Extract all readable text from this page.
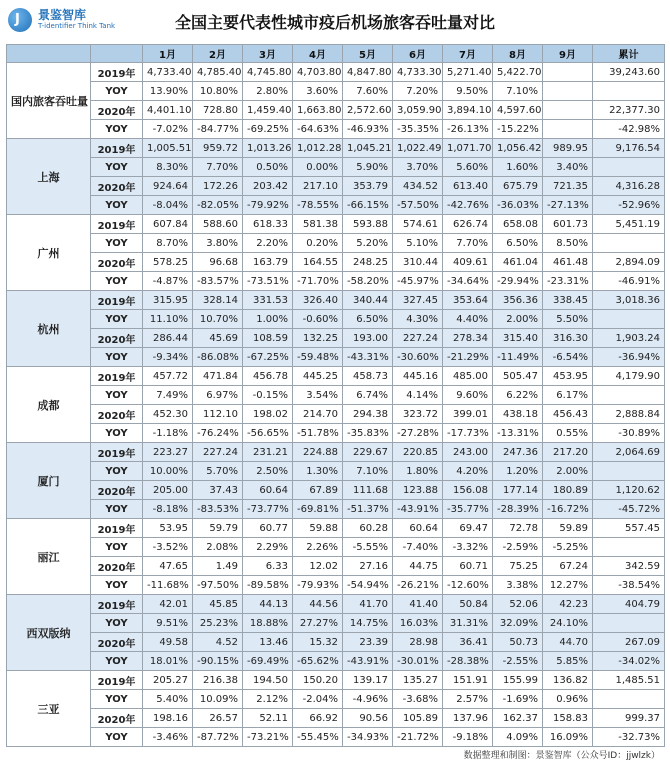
J 景鉴智库
T-identifier Think Tank	全国主要代表性城市疫后机场旅客吞吐量对比
		1月	2月	3月	4月	5月	6月	7月	8月	9月	累计
国内旅客吞吐量	2019年	4,733.40	4,785.40	4,745.80	4,703.80	4,847.80	4,733.30	5,271.40	5,422.70		39,243.60
	YOY	13.90%	10.80%	2.80%	3.60%	7.60%	7.20%	9.50%	7.10%		
	2020年	4,401.10	728.80	1,459.40	1,663.80	2,572.60	3,059.90	3,894.10	4,597.60		22,377.30
	YOY	-7.02%	-84.77%	-69.25%	-64.63%	-46.93%	-35.35%	-26.13%	-15.22%		-42.98%
上海	2019年	1,005.51	959.72	1,013.26	1,012.28	1,045.21	1,022.49	1,071.70	1,056.42	989.95	9,176.54
	YOY	8.30%	7.70%	0.50%	0.00%	5.90%	3.70%	5.60%	1.60%	3.40%	
	2020年	924.64	172.26	203.42	217.10	353.79	434.52	613.40	675.79	721.35	4,316.28
	YOY	-8.04%	-82.05%	-79.92%	-78.55%	-66.15%	-57.50%	-42.76%	-36.03%	-27.13%	-52.96%
广州	2019年	607.84	588.60	618.33	581.38	593.88	574.61	626.74	658.08	601.73	5,451.19
	YOY	8.70%	3.80%	2.20%	0.20%	5.20%	5.10%	7.70%	6.50%	8.50%	
	2020年	578.25	96.68	163.79	164.55	248.25	310.44	409.61	461.04	461.48	2,894.09
	YOY	-4.87%	-83.57%	-73.51%	-71.70%	-58.20%	-45.97%	-34.64%	-29.94%	-23.31%	-46.91%
杭州	2019年	315.95	328.14	331.53	326.40	340.44	327.45	353.64	356.36	338.45	3,018.36
	YOY	11.10%	10.70%	1.00%	-0.60%	6.50%	4.30%	4.40%	2.00%	5.50%	
	2020年	286.44	45.69	108.59	132.25	193.00	227.24	278.34	315.40	316.30	1,903.24
	YOY	-9.34%	-86.08%	-67.25%	-59.48%	-43.31%	-30.60%	-21.29%	-11.49%	-6.54%	-36.94%
成都	2019年	457.72	471.84	456.78	445.25	458.73	445.16	485.00	505.47	453.95	4,179.90
	YOY	7.49%	6.97%	-0.15%	3.54%	6.74%	4.14%	9.60%	6.22%	6.17%	
	2020年	452.30	112.10	198.02	214.70	294.38	323.72	399.01	438.18	456.43	2,888.84
	YOY	-1.18%	-76.24%	-56.65%	-51.78%	-35.83%	-27.28%	-17.73%	-13.31%	0.55%	-30.89%
厦门	2019年	223.27	227.24	231.21	224.88	229.67	220.85	243.00	247.36	217.20	2,064.69
	YOY	10.00%	5.70%	2.50%	1.30%	7.10%	1.80%	4.20%	1.20%	2.00%	
	2020年	205.00	37.43	60.64	67.89	111.68	123.88	156.08	177.14	180.89	1,120.62
	YOY	-8.18%	-83.53%	-73.77%	-69.81%	-51.37%	-43.91%	-35.77%	-28.39%	-16.72%	-45.72%
丽江	2019年	53.95	59.79	60.77	59.88	60.28	60.64	69.47	72.78	59.89	557.45
	YOY	-3.52%	2.08%	2.29%	2.26%	-5.55%	-7.40%	-3.32%	-2.59%	-5.25%	
	2020年	47.65	1.49	6.33	12.02	27.16	44.75	60.71	75.25	67.24	342.59
	YOY	-11.68%	-97.50%	-89.58%	-79.93%	-54.94%	-26.21%	-12.60%	3.38%	12.27%	-38.54%
西双版纳	2019年	42.01	45.85	44.13	44.56	41.70	41.40	50.84	52.06	42.23	404.79
	YOY	9.51%	25.23%	18.88%	27.27%	14.75%	16.03%	31.31%	32.09%	24.10%	
	2020年	49.58	4.52	13.46	15.32	23.39	28.98	36.41	50.73	44.70	267.09
	YOY	18.01%	-90.15%	-69.49%	-65.62%	-43.91%	-30.01%	-28.38%	-2.55%	5.85%	-34.02%
三亚	2019年	205.27	216.38	194.50	150.20	139.17	135.27	151.91	155.99	136.82	1,485.51
	YOY	5.40%	10.09%	2.12%	-2.04%	-4.96%	-3.68%	2.57%	-1.69%	0.96%	
	2020年	198.16	26.57	52.11	66.92	90.56	105.89	137.96	162.37	158.83	999.37
	YOY	-3.46%	-87.72%	-73.21%	-55.45%	-34.93%	-21.72%	-9.18%	4.09%	16.09%	-32.73%
数据整理和制图：景鉴智库（公众号ID：jjwlzk）
